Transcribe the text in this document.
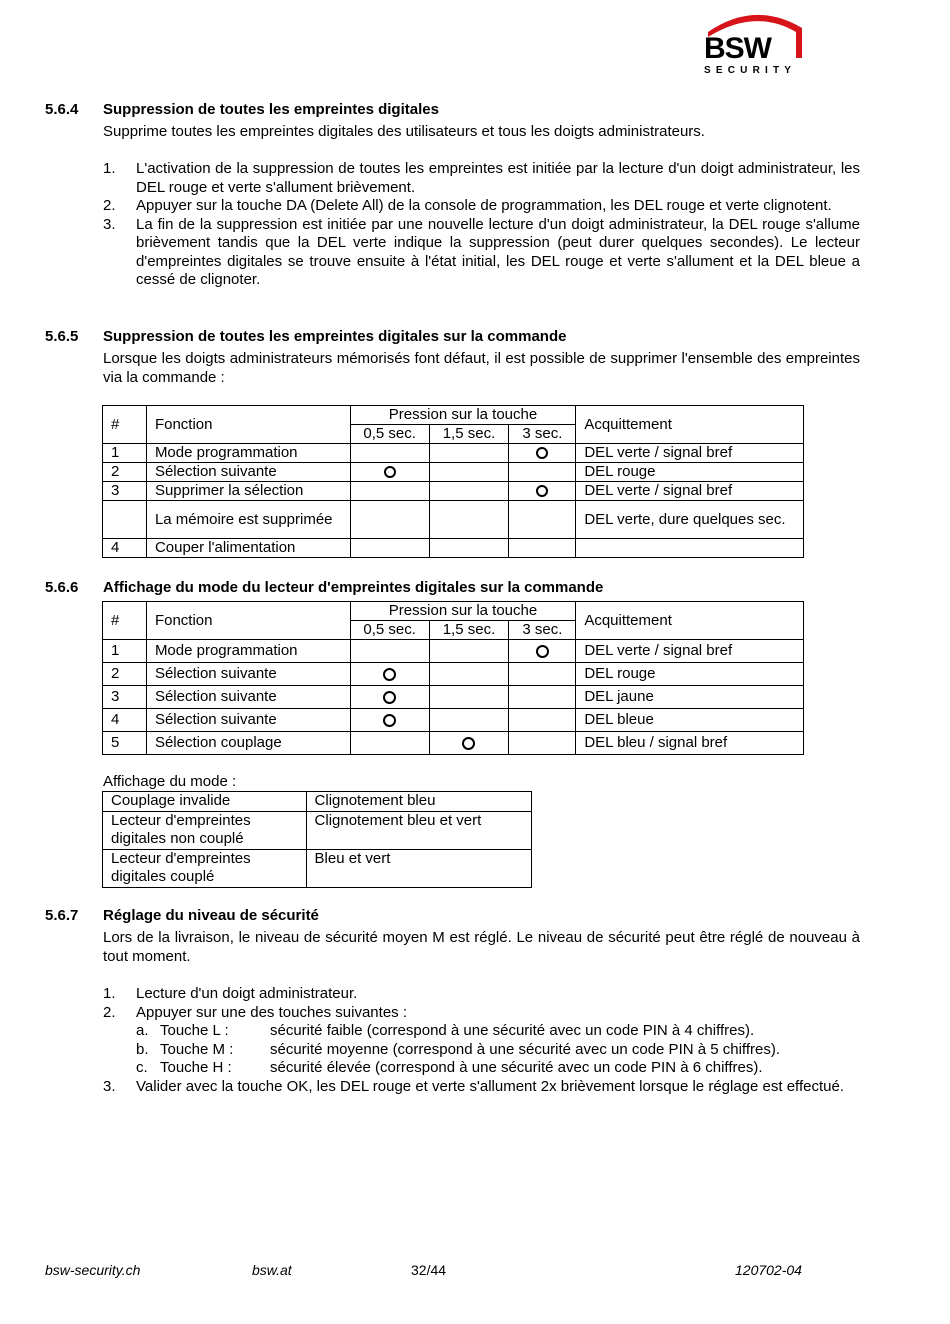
BSW
SECURITY
5.6.4 Suppression de toutes les empreintes digitales
Supprime toutes les empreintes digitales des utilisateurs et tous les doigts administrateurs.
1. L'activation de la suppression de toutes les empreintes est initiée par la lecture d'un doigt administrateur, les DEL rouge et verte s'allument brièvement.
2. Appuyer sur la touche DA (Delete All) de la console de programmation, les DEL rouge et verte clignotent.
3. La fin de la suppression est initiée par une nouvelle lecture d'un doigt administrateur, la DEL rouge s'allume brièvement tandis que la DEL verte indique la suppression (peut durer quelques secondes). Le lecteur d'empreintes digitales se trouve ensuite à l'état initial, les DEL rouge et verte s'allument et la DEL bleue a cessé de clignoter.
5.6.5 Suppression de toutes les empreintes digitales sur la commande
Lorsque les doigts administrateurs mémorisés font défaut, il est possible de supprimer l'ensemble des empreintes via la commande :
#	Fonction	Pression sur la touche			Acquittement
		0,5 sec.	1,5 sec.	3 sec.	
1	Mode programmation				DEL verte / signal bref
2	Sélection suivante				DEL rouge
3	Supprimer la sélection				DEL verte / signal bref
	La mémoire est supprimée				DEL verte, dure quelques sec.
4	Couper l'alimentation				
5.6.6 Affichage du mode du lecteur d'empreintes digitales sur la commande
#	Fonction	Pression sur la touche			Acquittement
		0,5 sec.	1,5 sec.	3 sec.	
1	Mode programmation				DEL verte / signal bref
2	Sélection suivante				DEL rouge
3	Sélection suivante				DEL jaune
4	Sélection suivante				DEL bleue
5	Sélection couplage				DEL bleu / signal bref
Affichage du mode :
Couplage invalide	Clignotement bleu
Lecteur d'empreintes digitales non couplé	Clignotement bleu et vert
Lecteur d'empreintes digitales couplé	Bleu et vert
5.6.7 Réglage du niveau de sécurité
Lors de la livraison, le niveau de sécurité moyen M est réglé. Le niveau de sécurité peut être réglé de nouveau à tout moment.
1. Lecture d'un doigt administrateur.
2. Appuyer sur une des touches suivantes :
a. Touche L :	sécurité faible (correspond à une sécurité avec un code PIN à 4 chiffres).
b. Touche M : sécurité moyenne (correspond à une sécurité avec un code PIN à 5 chiffres).
c. Touche H :	sécurité élevée (correspond à une sécurité avec un code PIN à 6 chiffres).
3. Valider avec la touche OK, les DEL rouge et verte s'allument 2x brièvement lorsque le réglage est effectué.
bsw-security.ch	bsw.at	32/44	120702-04
